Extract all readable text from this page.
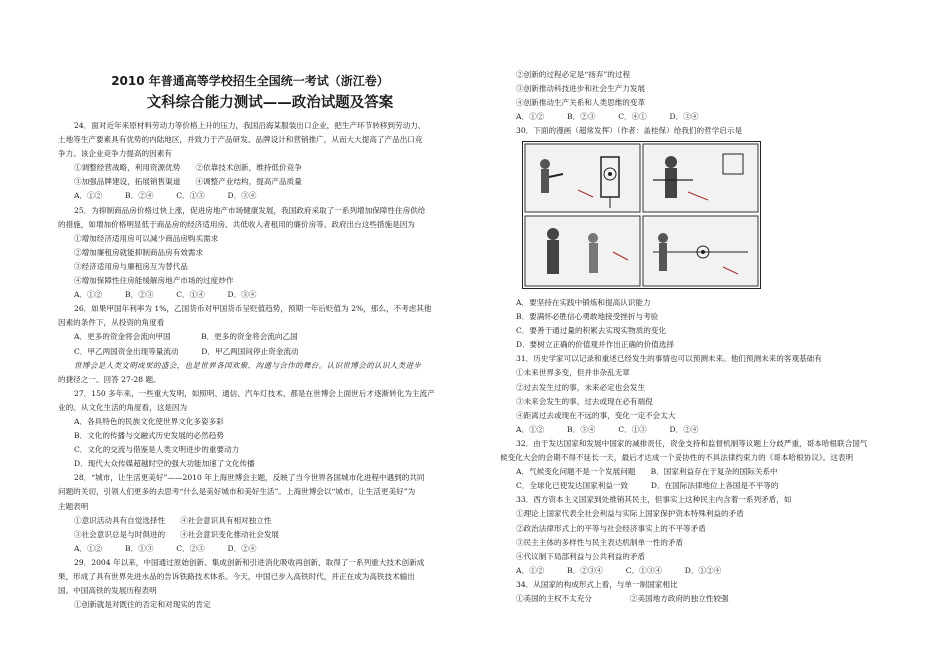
2010 年普通高等学校招生全国统一考试（浙江卷）
文科综合能力测试——政治试题及答案
24．面对近年来原材料劳动力等价格上升的压力，我国沿海某服装出口企业，把生产环节转移到劳动力、
土地等生产要素具有优势的内陆地区，并致力于产品研发、品牌设计和营销推广，从而大大提高了产品出口竞
争力。该企业竞争力提高的因素有
①调整经营战略，利用资源优势　　②依靠技术创新，维持低价竞争
③加强品牌建设，拓展销售渠道　　④调整产业结构，提高产品质量
A．①②　　　B．②④　　　C．①③　　　D．③④
25．为抑制商品房价格过快上涨，促进房地产市场健康发展，我国政府采取了一系列增加保障性住房供给
的措施，如增加价格明显低于商品房的经济适用房、共低收入者租用的廉价房等。政府出台这些措施是因为
①增加经济适用房可以减少商品房购买需求
②增加廉租房就能抑制商品房有效需求
③经济适用房与廉租房互为替代品
④增加保障性住房能缓解房地产市场的过度炒作
A．①②　　　B．②③　　　C．①④　　　D．③④
26．如果甲国年利率为 1%，乙国货币对甲国货币呈贬值趋势，预期一年后贬值为 2%，那么，不考虑其他
因素的条件下，从投资的角度看
A．更多的资金将会流向甲国　　　　B．更多的资金将会流向乙国
C．甲乙两国资金出现等量流动　　　D．甲乙两国间停止资金流动
世博会是人类文明成果的盛会，也是世界各国欢聚、沟通与合作的舞台。认识世博会的认识人类进步
的捷径之一。回答 27-28 题。
27．150 多年来，一些重大发明，如照明、通信、汽车灯技术，都是在世博会上面世后才逐渐转化为主流产
业的。从文化生活的角度看，这是因为
A．各具特色的民族文化使世界文化多姿多彩
B．文化的传播与交融式历史发展的必然趋势
C．文化的交流与借鉴是人类文明进步的重要动力
D．现代大众传媒超越时空的强大功能加速了文化传播
28．“城市，让生活更美好”——2010 年上海世博会主题，反映了当今世界各国城市化进程中遇到的共同
问题的关切，引领人们更多的去思考“什么是美好城市和美好生活”。上海世博会以“城市，让生活更美好”为
主题表明
①意识活动具有自觉选择性　　④社会意识具有相对独立性
③社会意识总是与时俱进的　　④社会意识变化推动社会发展
A．①②　　　B．①③　　　C．②③　　　D．②④
29．2004 年以来，中国通过原始创新、集成创新和引进消化吸收再创新，取得了一系列重大技术创新成
果，形成了具有世界先进水品的告诉铁路技术体系。今天，中国已步入高铁时代，并正在成为高铁技术输出
国。中国高铁的发展历程表明
①创新就是对既往的否定和对现实的肯定
②创新的过程必定是“扬弃”的过程
③创新推动科技进步和社会生产力发展
④创新推动生产关系和人类思维的变革
A．①②　　　B．②③　　　C．④①　　　D．③④
30．下面的漫画（超常发挥）（作者：盖桂保）给我们的哲学启示是
A．要坚持在实践中锻炼和提高认识能力
B．要满怀必胜信心勇敢地接受挫折与考验
C．要善于通过量的积累去实现实物质的变化
D．要树立正确的价值观并作出正确的价值选择
31．历史学家可以记录和重述已经发生的事情也可以预测未来。他们预测未来的客观基础有
①未来世界多变，但并非杂乱无章
②过去发生过的事，未来必定也会发生
③未来会发生的事，过去或现在必有端倪
④距离过去或现在不远的事，变化一定不会太大
A．①②　　　B．③④　　　C．①③　　　D．②④
32．由于发达国家和发展中国家的减排责任，资金支持和监督机制等议题上分歧严重，哥本哈根联合国气
候变化大会的会期不得不延长一天，最后才达成一个妥协性的不具法律约束力的《哥本哈根协议》。这表明
A．气候变化问题不是一个发展问题　　B．国家利益存在于复杂的国际关系中
C．全球化已使发达国家利益一致　　　D．在国际法律地位上各国是不平等的
33．西方资本主义国家到处推销其民主，但事实上这种民主内含着一系列矛盾，如
①理论上国家代表全社会利益与实际上国家保护资本特殊利益的矛盾
②政治法律形式上的平等与社会经济事实上的不平等矛盾
③民主主体的多样性与民主表达机制单一性的矛盾
④代议制下局部利益与公共利益的矛盾
A．①②　　　B．②③④　　　C．①③④　　　D．①②④
34．从国家的构成形式上看，与单一制国家相比
①美国的主权不太充分　　　　　②美国地方政府的独立性较强
